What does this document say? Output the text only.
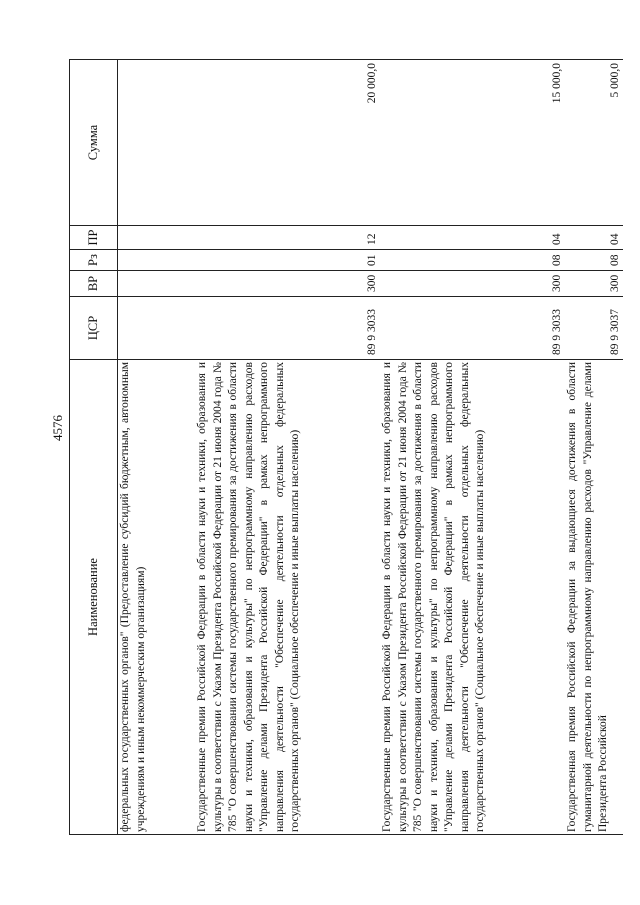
4576
Наименование	ЦСР	ВР	Рз	ПР	Сумма
федеральных государственных органов" (Предоставление субсидий бюджетным, автономным учреждениям и иным некоммерческим организациям)					
Государственные премии Российской Федерации в области науки и техники, образования и культуры в соответствии с Указом Президента Российской Федерации от 21 июня 2004 года № 785 "О совершенствовании системы государственного премирования за достижения в области науки и техники, образования и культуры" по непрограммному направлению расходов "Управление делами Президента Российской Федерации" в рамках непрограммного направления деятельности "Обеспечение деятельности отдельных федеральных государственных органов" (Социальное обеспечение и иные выплаты населению)	89 9 3033	300	01	12	20 000,0
Государственные премии Российской Федерации в области науки и техники, образования и культуры в соответствии с Указом Президента Российской Федерации от 21 июня 2004 года № 785 "О совершенствовании системы государственного премирования за достижения в области науки и техники, образования и культуры" по непрограммному направлению расходов "Управление делами Президента Российской Федерации" в рамках непрограммного направления деятельности "Обеспечение деятельности отдельных федеральных государственных органов" (Социальное обеспечение и иные выплаты населению)	89 9 3033	300	08	04	15 000,0
Государственная премия Российской Федерации за выдающиеся достижения в области гуманитарной деятельности по непрограммному направлению расходов "Управление делами Президента Российской	89 9 3037	300	08	04	5 000,0
